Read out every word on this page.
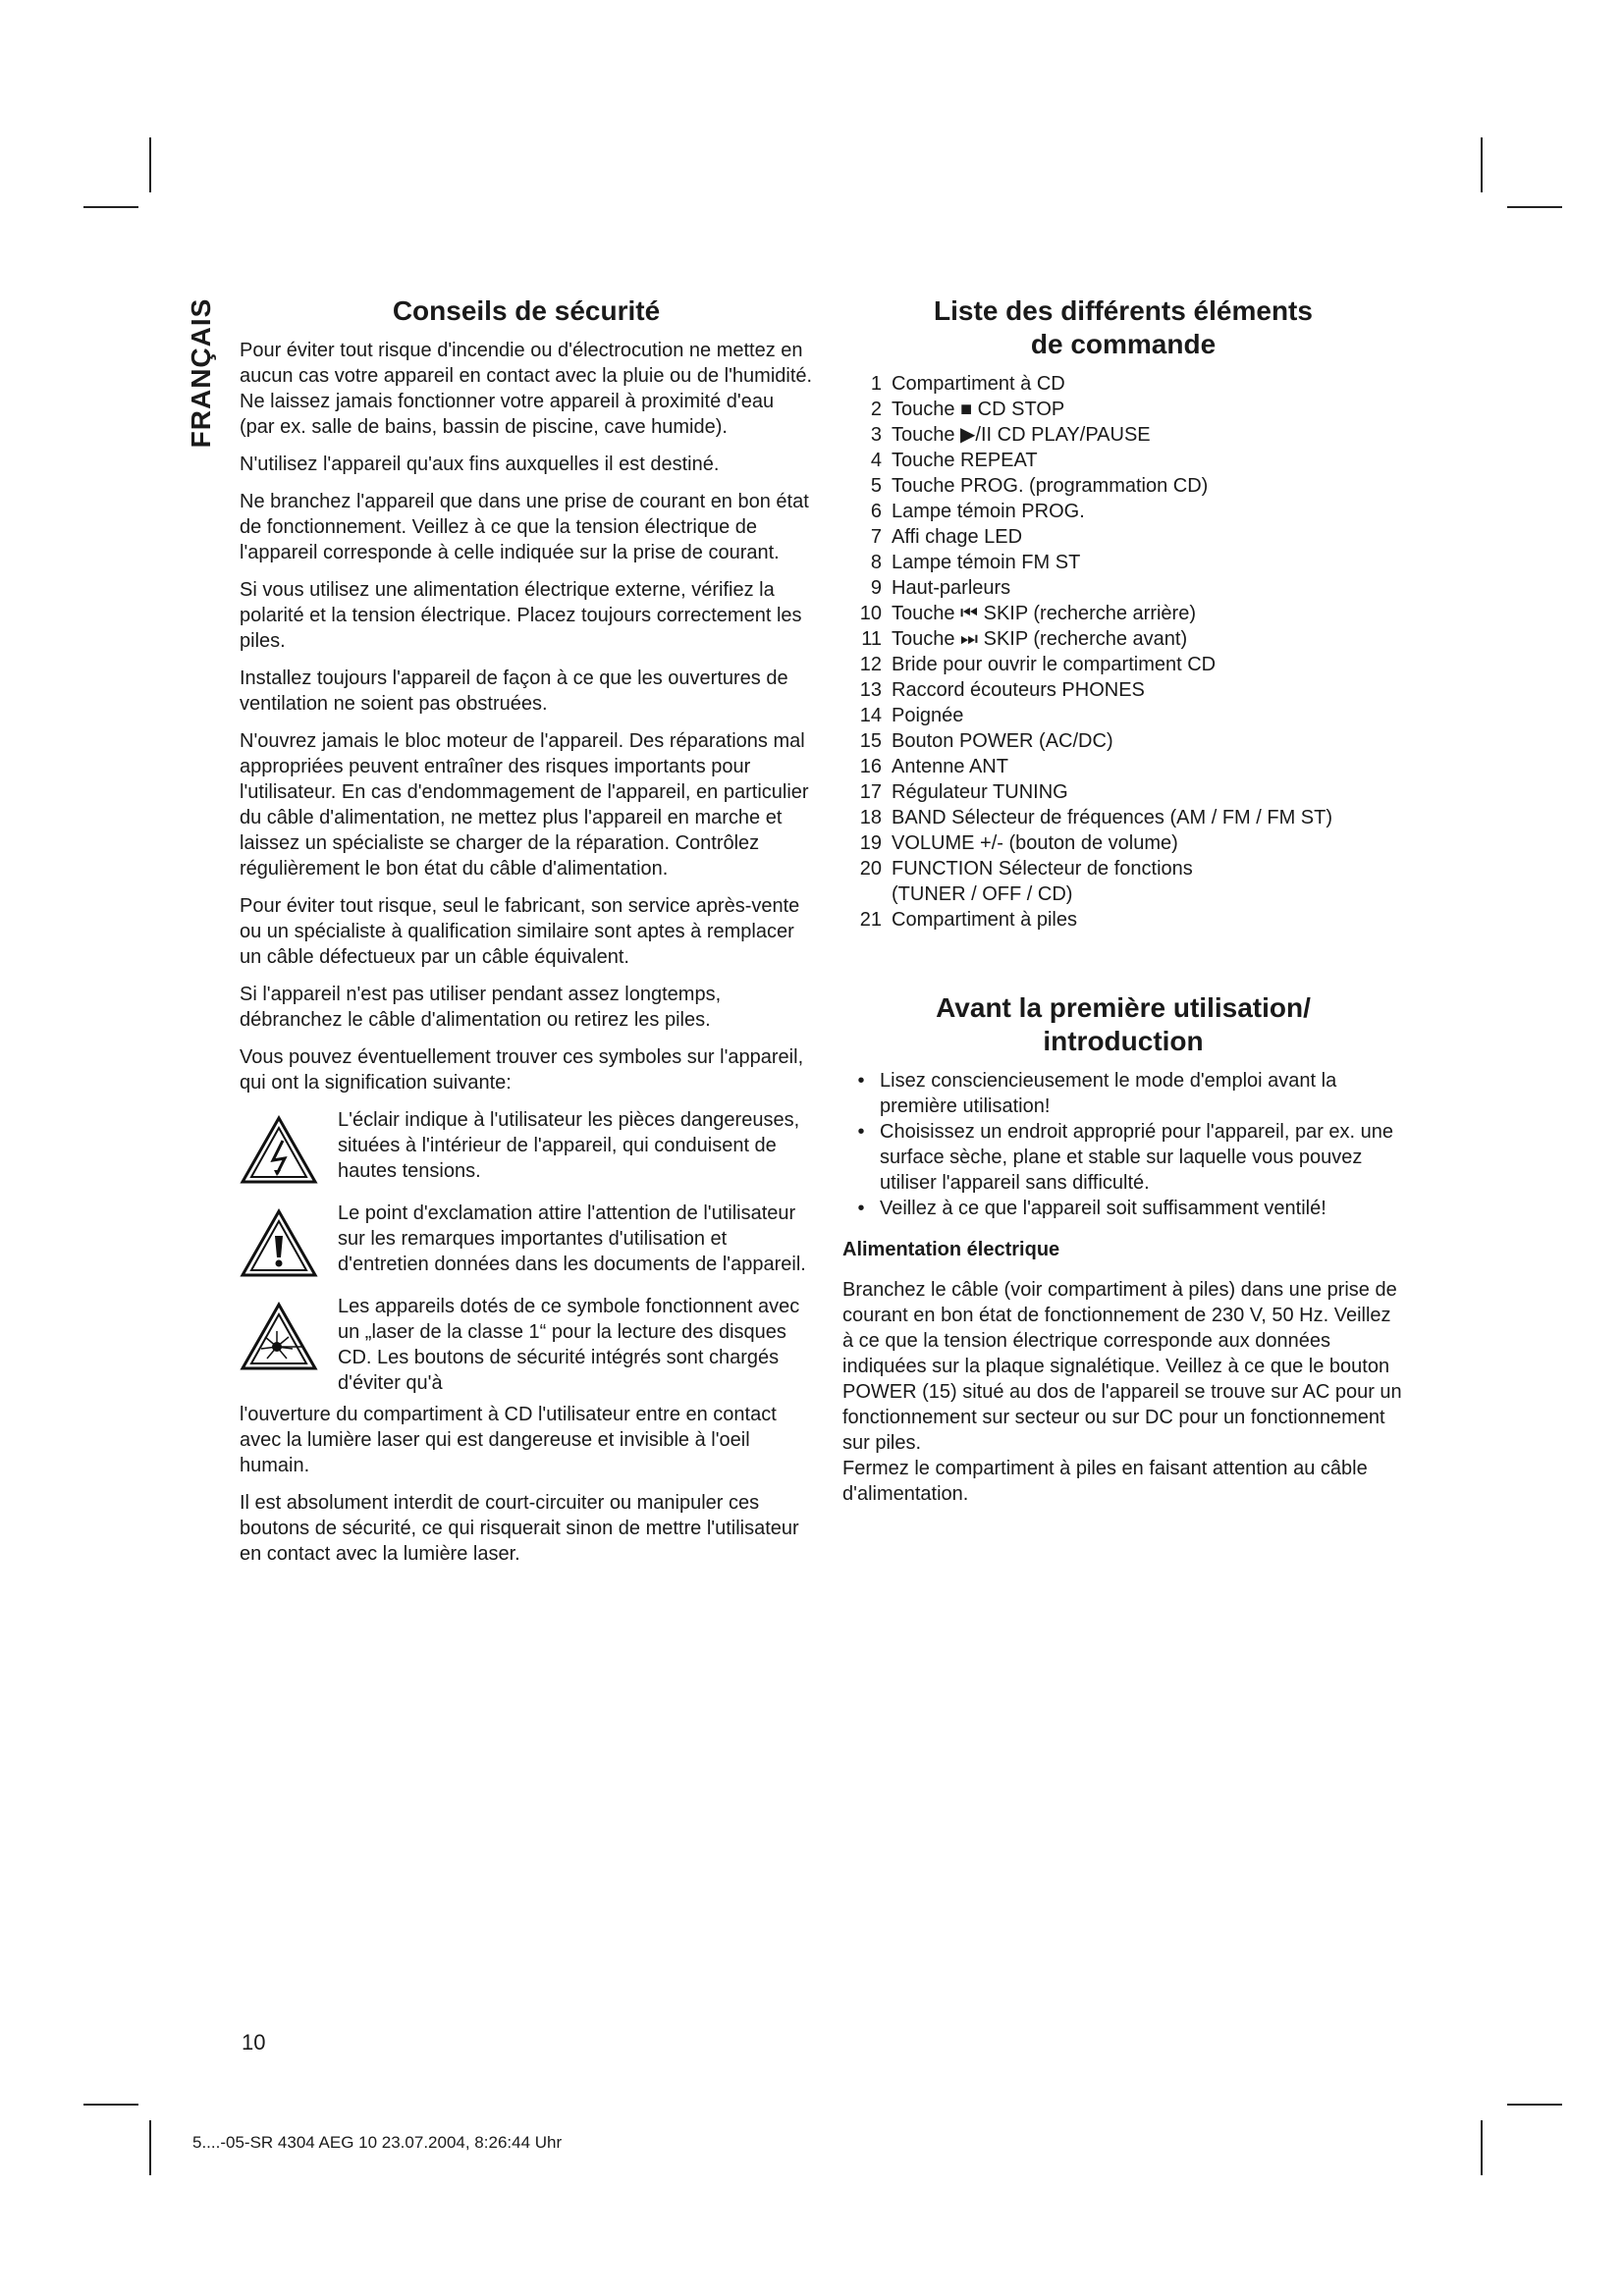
FRANÇAIS	Conseils de sécurité

Pour éviter tout risque d'incendie ou d'électrocution ne mettez en aucun cas votre appareil en contact avec la pluie ou de l'humidité. Ne laissez jamais fonctionner votre appareil à proximité d'eau (par ex. salle de bains, bassin de piscine, cave humide).

N'utilisez l'appareil qu'aux fins auxquelles il est destiné.

Ne branchez l'appareil que dans une prise de courant en bon état de fonctionnement. Veillez à ce que la tension électrique de l'appareil corresponde à celle indiquée sur la prise de courant.

Si vous utilisez une alimentation électrique externe, vérifiez la polarité et la tension électrique. Placez toujours correctement les piles.

Installez toujours l'appareil de façon à ce que les ouvertures de ventilation ne soient pas obstruées.

N'ouvrez jamais le bloc moteur de l'appareil. Des réparations mal appropriées peuvent entraîner des risques importants pour l'utilisateur. En cas d'endommagement de l'appareil, en particulier du câble d'alimentation, ne mettez plus l'appareil en marche et laissez un spécialiste se charger de la réparation. Contrôlez régulièrement le bon état du câble d'alimentation.

Pour éviter tout risque, seul le fabricant, son service après-vente ou un spécialiste à qualification similaire sont aptes à remplacer un câble défectueux par un câble équivalent.

Si l'appareil n'est pas utiliser pendant assez longtemps, débranchez le câble d'alimentation ou retirez les piles.

Vous pouvez éventuellement trouver ces symboles sur l'appareil, qui ont la signification suivante:

L'éclair indique à l'utilisateur les pièces dangereuses, situées à l'intérieur de l'appareil, qui conduisent de hautes tensions.
Le point d'exclamation attire l'attention de l'utilisateur sur les remarques importantes d'utilisation et d'entretien données dans les documents de l'appareil.
Les appareils dotés de ce symbole fonctionnent avec un „laser de la classe 1“ pour la lecture des disques CD. Les boutons de sécurité intégrés sont chargés d'éviter qu'à
l'ouverture du compartiment à CD l'utilisateur entre en contact avec la lumière laser qui est dangereuse et invisible à l'oeil humain.

Il est absolument interdit de court-circuiter ou manipuler ces boutons de sécurité, ce qui risquerait sinon de mettre l'utilisateur en contact avec la lumière laser.

Liste des différents éléments
de commande
1 Compartiment à CD
2 Touche ■ CD STOP
3 Touche ▶/II CD PLAY/PAUSE
4 Touche REPEAT
5 Touche PROG. (programmation CD)
6 Lampe témoin PROG.
7 Affi chage LED
8 Lampe témoin FM ST
9 Haut-parleurs
10 Touche ⏮ SKIP (recherche arrière)
11 Touche ⏭ SKIP (recherche avant)
12 Bride pour ouvrir le compartiment CD
13 Raccord écouteurs PHONES
14 Poignée
15 Bouton POWER (AC/DC)
16 Antenne ANT
17 Régulateur TUNING
18 BAND Sélecteur de fréquences (AM / FM / FM ST)
19 VOLUME +/- (bouton de volume)
20 FUNCTION Sélecteur de fonctions
(TUNER / OFF / CD)
21 Compartiment à piles
Avant la première utilisation/
introduction
• Lisez consciencieusement le mode d'emploi avant la première utilisation!
• Choisissez un endroit approprié pour l'appareil, par ex. une surface sèche, plane et stable sur laquelle vous pouvez utiliser l'appareil sans difficulté.
• Veillez à ce que l'appareil soit suffisamment ventilé!
Alimentation électrique

Branchez le câble (voir compartiment à piles) dans une prise de courant en bon état de fonctionnement de 230 V, 50 Hz. Veillez à ce que la tension électrique corresponde aux données indiquées sur la plaque signalétique. Veillez à ce que le bouton POWER (15) situé au dos de l'appareil se trouve sur AC pour un fonctionnement sur secteur ou sur DC pour un fonctionnement sur piles.

Fermez le compartiment à piles en faisant attention au câble d'alimentation.

10
5....-05-SR 4304 AEG 10 23.07.2004, 8:26:44 Uhr
